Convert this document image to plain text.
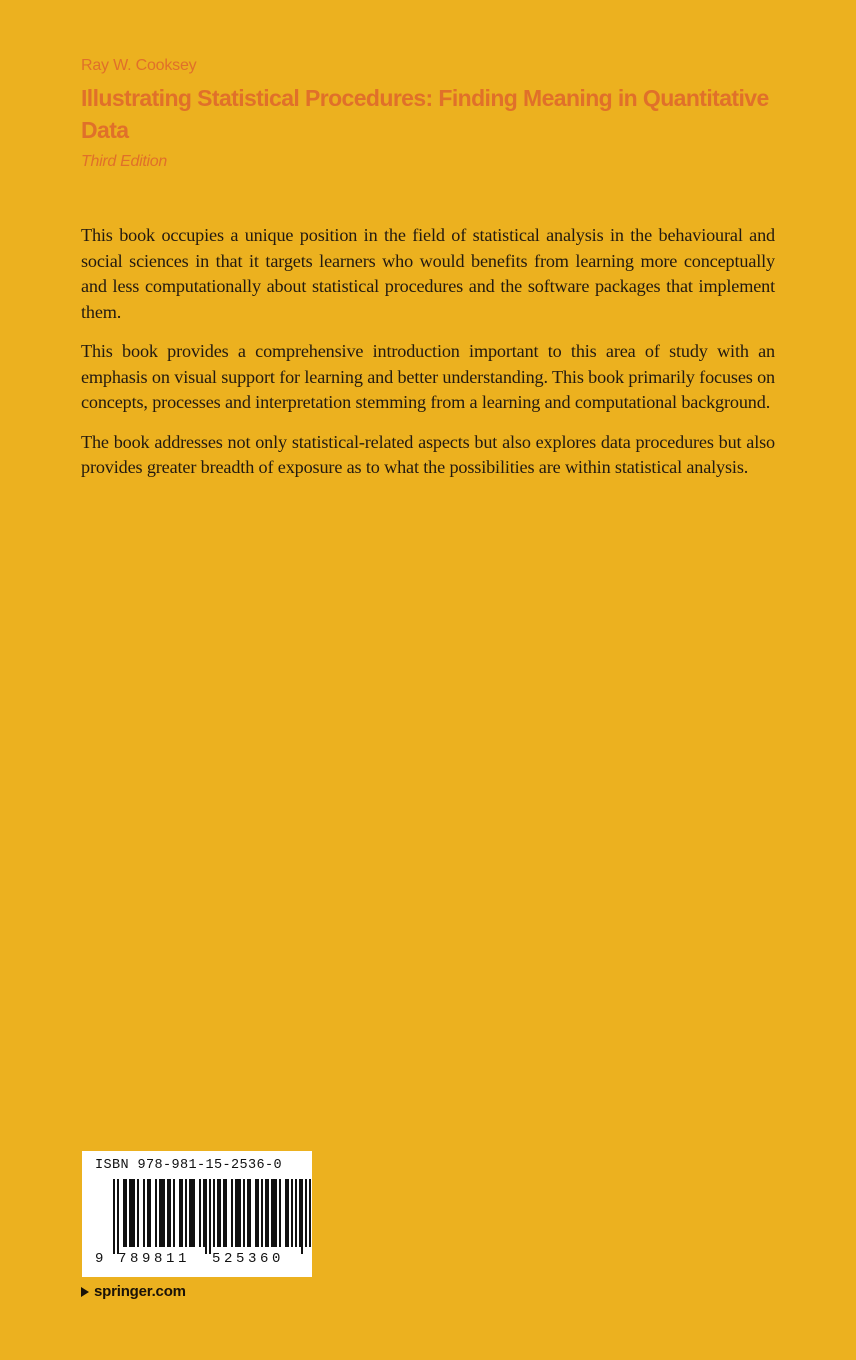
Ray W. Cooksey
Illustrating Statistical Procedures: Finding Meaning in Quantitative Data
Third Edition

This book occupies a unique position in the field of statistical analysis in the behavioural and social sciences in that it targets learners who would benefits from learning more conceptually and less computationally about statistical procedures and the software packages that implement them.

This book provides a comprehensive introduction important to this area of study with an emphasis on visual support for learning and better understanding. This book primarily focuses on concepts, processes and interpretation stemming from a learning and computational background.

The book addresses not only statistical-related aspects but also explores data procedures but also provides greater breadth of exposure as to what the possibilities are within statistical analysis.

ISBN 978-981-15-2536-0
9 789811 525360
springer.com
